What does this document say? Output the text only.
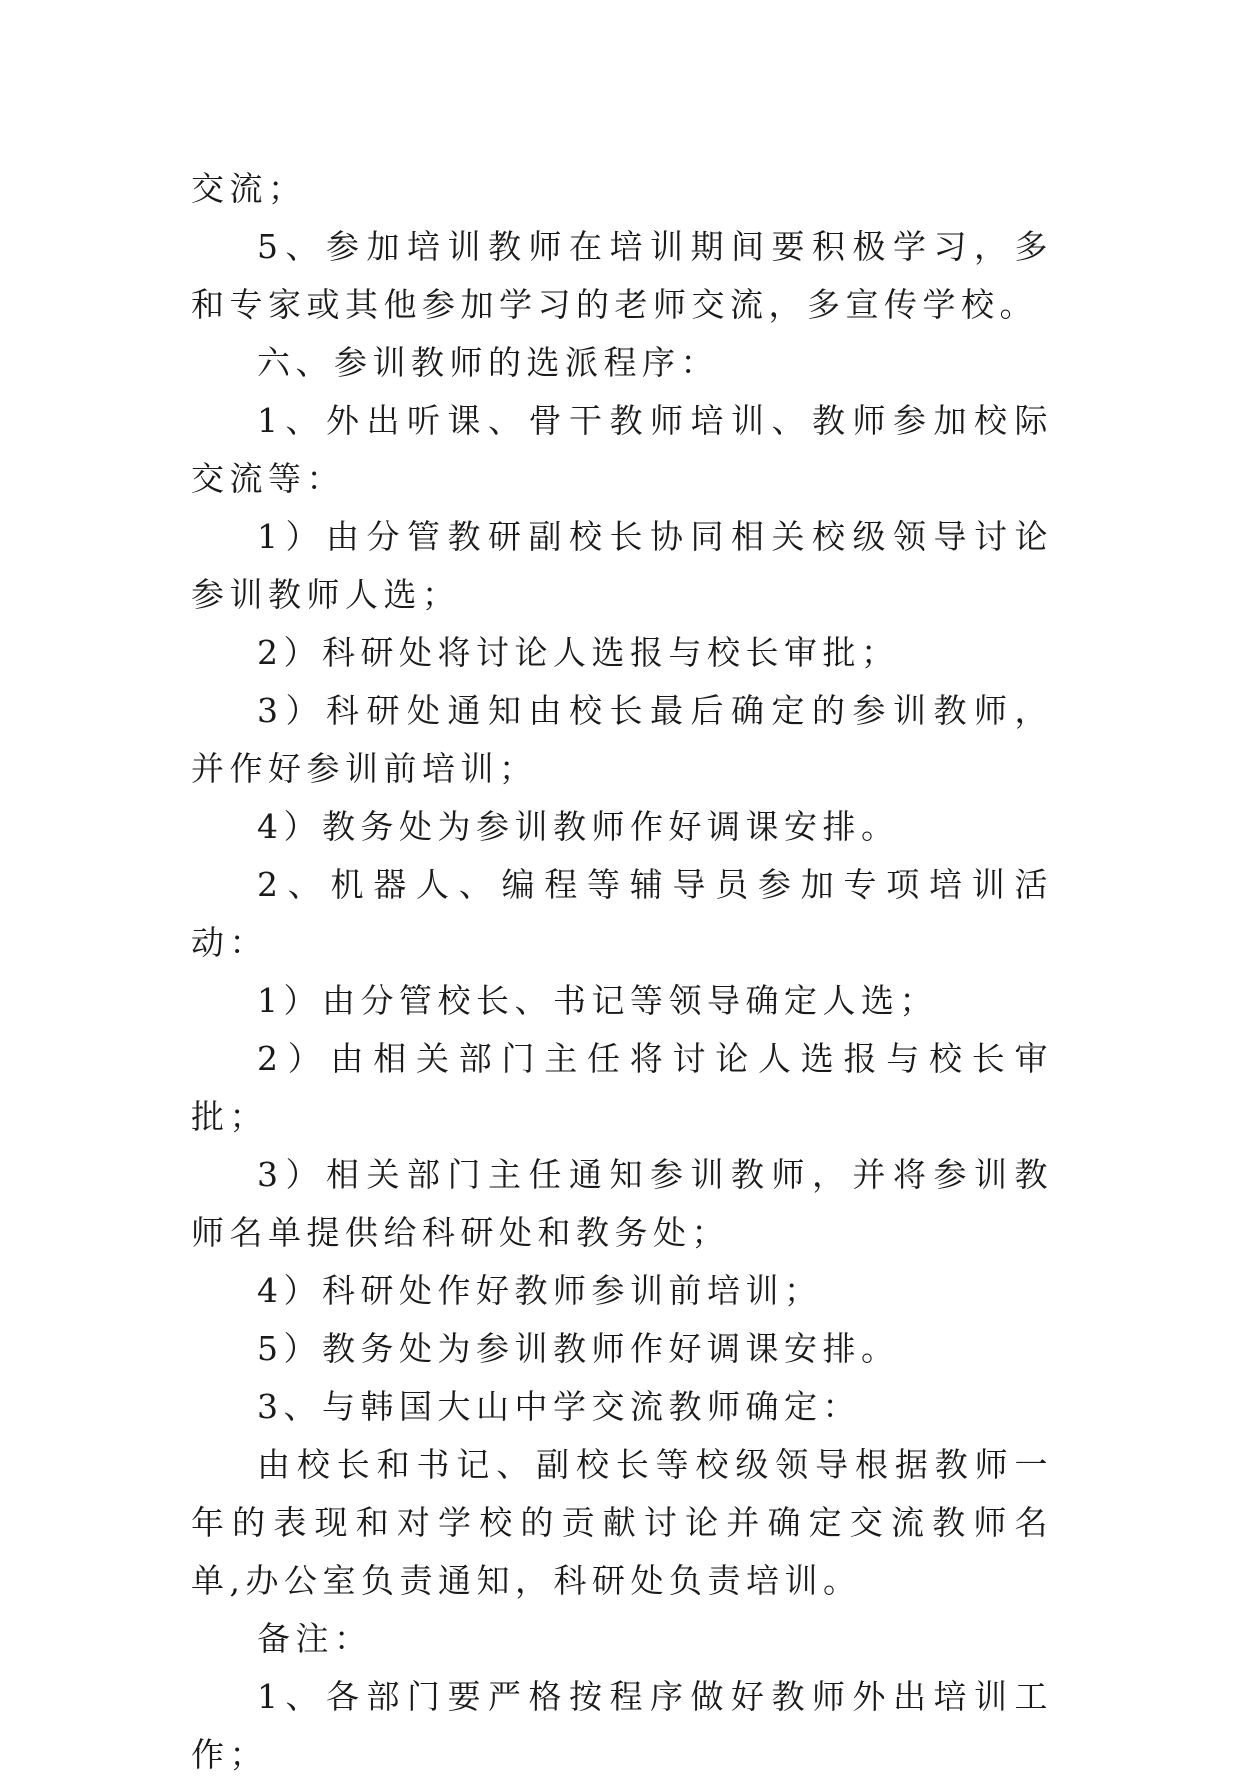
交流；

5、参加培训教师在培训期间要积极学习，多和专家或其他参加学习的老师交流，多宣传学校。

六、参训教师的选派程序：

1、外出听课、骨干教师培训、教师参加校际交流等：

1）由分管教研副校长协同相关校级领导讨论参训教师人选；

2）科研处将讨论人选报与校长审批；

3）科研处通知由校长最后确定的参训教师，并作好参训前培训；

4）教务处为参训教师作好调课安排。

2、机器人、编程等辅导员参加专项培训活动：

1）由分管校长、书记等领导确定人选；

2）由相关部门主任将讨论人选报与校长审批；

3）相关部门主任通知参训教师，并将参训教师名单提供给科研处和教务处；

4）科研处作好教师参训前培训；

5）教务处为参训教师作好调课安排。

3、与韩国大山中学交流教师确定：

由校长和书记、副校长等校级领导根据教师一年的表现和对学校的贡献讨论并确定交流教师名单,办公室负责通知，科研处负责培训。

备注：

1、各部门要严格按程序做好教师外出培训工作；
